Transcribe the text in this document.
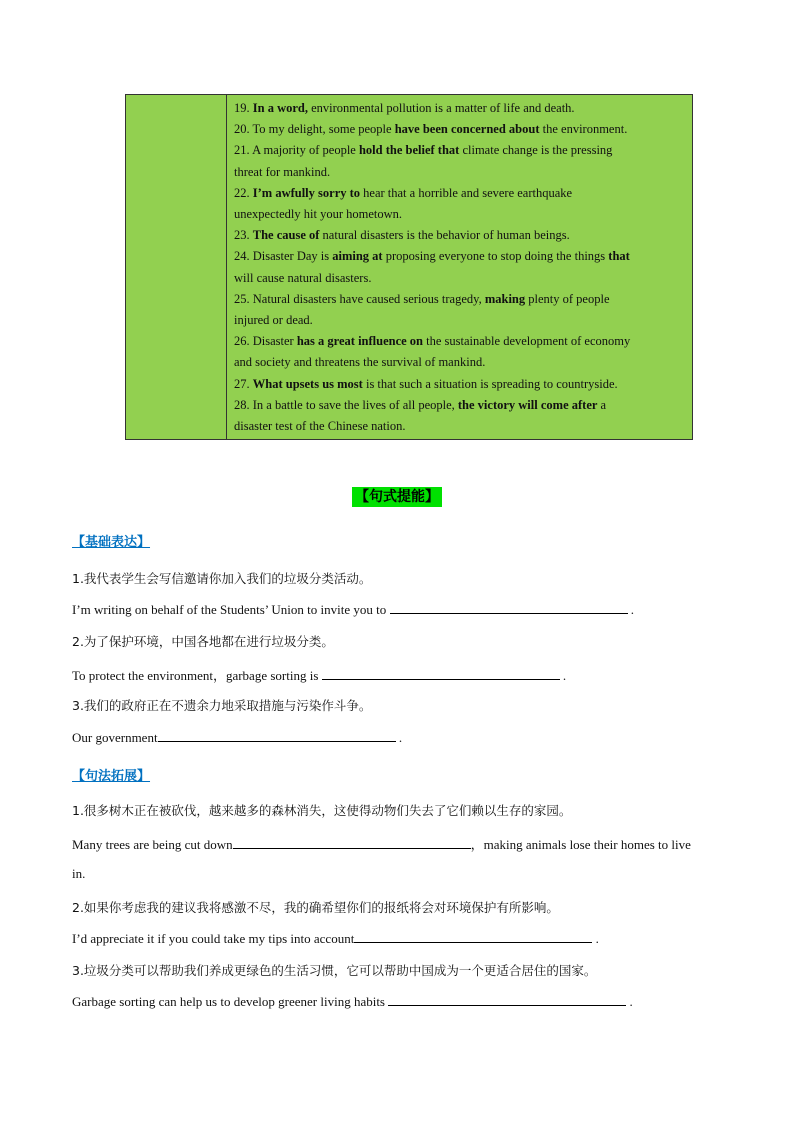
19. In a word, environmental pollution is a matter of life and death.
20. To my delight, some people have been concerned about the environment.
21. A majority of people hold the belief that climate change is the pressing
threat for mankind.
22. I’m awfully sorry to hear that a horrible and severe earthquake
unexpectedly hit your hometown.
23. The cause of natural disasters is the behavior of human beings.
24. Disaster Day is aiming at proposing everyone to stop doing the things that
will cause natural disasters.
25. Natural disasters have caused serious tragedy, making plenty of people
injured or dead.
26. Disaster has a great influence on the sustainable development of economy
and society and threatens the survival of mankind.
27. What upsets us most is that such a situation is spreading to countryside.
28. In a battle to save the lives of all people, the victory will come after a
disaster test of the Chinese nation.
【句式提能】
【基础表达】
1.我代表学生会写信邀请你加入我们的垃圾分类活动。
I’m writing on behalf of the Students’ Union to invite you to	.
2.为了保护环境，中国各地都在进行垃圾分类。
To protect the environment，garbage sorting is	.
3.我们的政府正在不遗余力地采取措施与污染作斗争。
Our government	.
【句法拓展】
1.很多树木正在被砍伐，越来越多的森林消失，这使得动物们失去了它们赖以生存的家园。
Many trees are being cut down	，making animals lose their homes to live
in.
2.如果你考虑我的建议我将感激不尽，我的确希望你们的报纸将会对环境保护有所影响。
I’d appreciate it if you could take my tips into account	.
3.垃圾分类可以帮助我们养成更绿色的生活习惯，它可以帮助中国成为一个更适合居住的国家。
Garbage sorting can help us to develop greener living habits	.
